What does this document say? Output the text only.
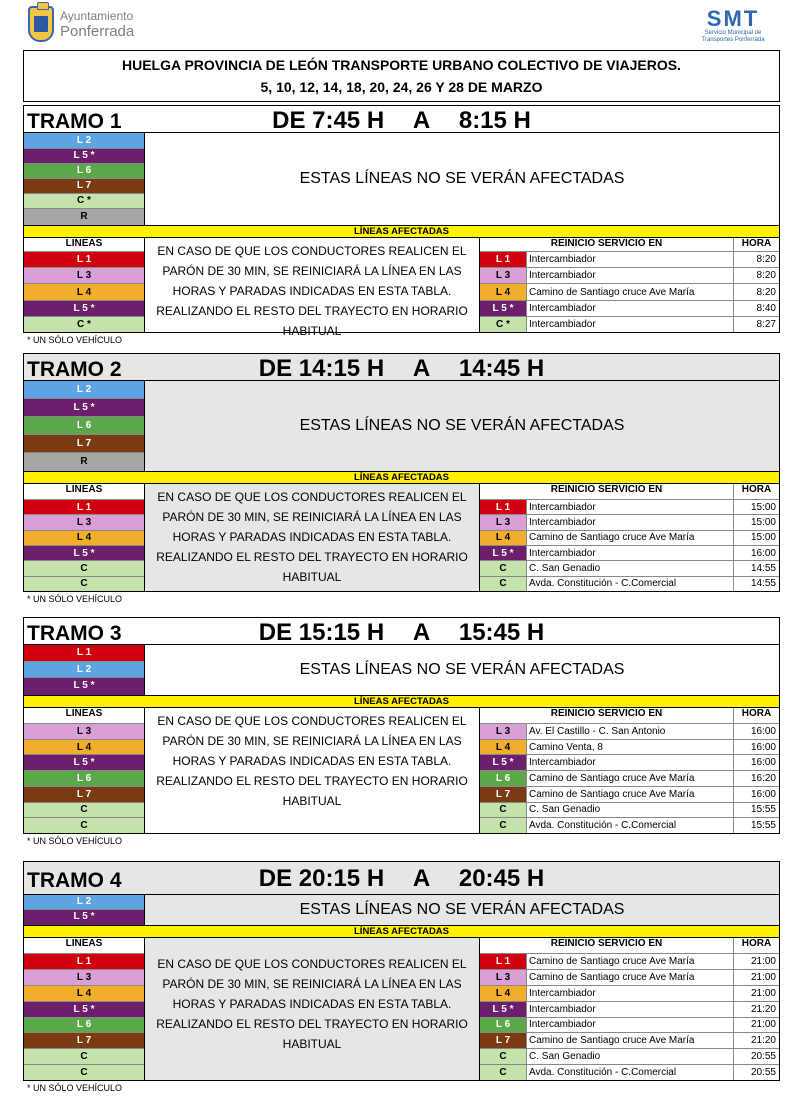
Ayuntamiento
Ponferrada
SMT
Servicio Municipal de
Transportes Ponferrada
HUELGA PROVINCIA DE LEÓN TRANSPORTE URBANO COLECTIVO DE VIAJEROS.
5, 10, 12, 14, 18, 20, 24, 26 Y 28 DE MARZO
TRAMO 1	DE 7:45 H A 8:15 H
L 2
L 5 *
L 6
L 7
C *
R
ESTAS LÍNEAS NO SE VERÁN AFECTADAS
LÍNEAS AFECTADAS
LINEAS
L 1
L 3
L 4
L 5 *
C *
EN CASO DE QUE LOS CONDUCTORES REALICEN EL
PARÓN DE 30 MIN, SE REINICIARÁ LA LÍNEA EN LAS
HORAS Y PARADAS INDICADAS EN ESTA TABLA.
REALIZANDO EL RESTO DEL TRAYECTO EN HORARIO
HABITUAL
REINICIO SERVICIO EN	HORA
L 1	Intercambiador	8:20
L 3	Intercambiador	8:20
L 4	Camino de Santiago cruce Ave María	8:20
L 5 *	Intercambiador	8:40
C *	Intercambiador	8:27
* UN SÓLO VEHÍCULO
TRAMO 2	DE 14:15 H A 14:45 H
L 2
L 5 *
L 6
L 7
R
ESTAS LÍNEAS NO SE VERÁN AFECTADAS
LÍNEAS AFECTADAS
LINEAS
L 1
L 3
L 4
L 5 *
C
C
EN CASO DE QUE LOS CONDUCTORES REALICEN EL
PARÓN DE 30 MIN, SE REINICIARÁ LA LÍNEA EN LAS
HORAS Y PARADAS INDICADAS EN ESTA TABLA.
REALIZANDO EL RESTO DEL TRAYECTO EN HORARIO
HABITUAL
REINICIO SERVICIO EN	HORA
L 1	Intercambiador	15:00
L 3	Intercambiador	15:00
L 4	Camino de Santiago cruce Ave María	15:00
L 5 *	Intercambiador	16:00
C	C. San Genadio	14:55
C	Avda. Constitución - C.Comercial	14:55
* UN SÓLO VEHÍCULO
TRAMO 3	DE 15:15 H A 15:45 H
L 1
L 2
L 5 *
ESTAS LÍNEAS NO SE VERÁN AFECTADAS
LÍNEAS AFECTADAS
LINEAS
L 3
L 4
L 5 *
L 6
L 7
C
C
EN CASO DE QUE LOS CONDUCTORES REALICEN EL
PARÓN DE 30 MIN, SE REINICIARÁ LA LÍNEA EN LAS
HORAS Y PARADAS INDICADAS EN ESTA TABLA.
REALIZANDO EL RESTO DEL TRAYECTO EN HORARIO
HABITUAL
REINICIO SERVICIO EN	HORA
L 3	Av. El Castillo - C. San Antonio	16:00
L 4	Camino Venta, 8	16:00
L 5 *	Intercambiador	16:00
L 6	Camino de Santiago cruce Ave María	16:20
L 7	Camino de Santiago cruce Ave María	16:00
C	C. San Genadio	15:55
C	Avda. Constitución - C.Comercial	15:55
* UN SÓLO VEHÍCULO
TRAMO 4	DE 20:15 H A 20:45 H
L 2
L 5 *	ESTAS LÍNEAS NO SE VERÁN AFECTADAS
LÍNEAS AFECTADAS
LINEAS
L 1
L 3
L 4
L 5 *
L 6
L 7
C
C
EN CASO DE QUE LOS CONDUCTORES REALICEN EL
PARÓN DE 30 MIN, SE REINICIARÁ LA LÍNEA EN LAS
HORAS Y PARADAS INDICADAS EN ESTA TABLA.
REALIZANDO EL RESTO DEL TRAYECTO EN HORARIO
HABITUAL
REINICIO SERVICIO EN	HORA
L 1	Camino de Santiago cruce Ave María	21:00
L 3	Camino de Santiago cruce Ave María	21:00
L 4	Intercambiador	21:00
L 5 *	Intercambiador	21:20
L 6	Intercambiador	21:00
L 7	Camino de Santiago cruce Ave María	21:20
C	C. San Genadio	20:55
C	Avda. Constitución - C.Comercial	20:55
* UN SÓLO VEHÍCULO
